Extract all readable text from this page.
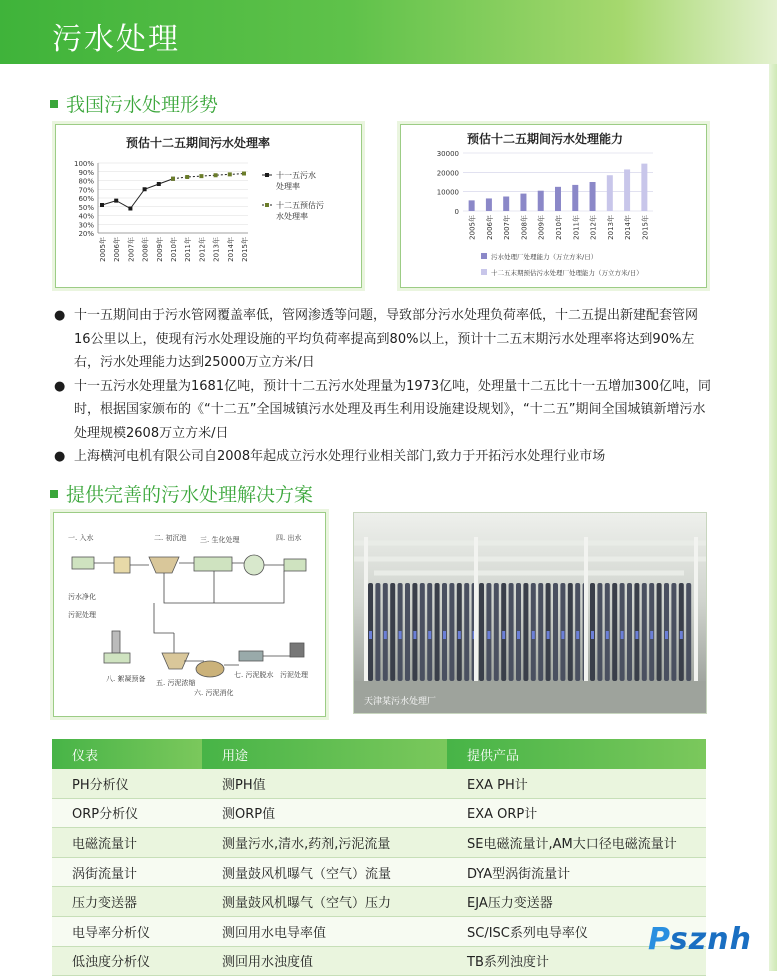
污水处理
我国污水处理形势
预估十二五期间污水处理率
100%
90%
80%
70%
60%
50%
40%
30%
20%
2005年 2006年 2007年 2008年 2009年 2010年 2011年 2012年 2013年 2014年 2015年
十一五污水处理率
十二五预估污水处理率
预估十二五期间污水处理能力
30000
20000
10000
0
2005年 2006年 2007年 2008年 2009年 2010年 2011年 2012年 2013年 2014年 2015年
污水处理厂处理能力（万立方米/日）
十二五末期预估污水处理厂处理能力（万立方米/日）
● 十一五期间由于污水管网覆盖率低，管网渗透等问题，导致部分污水处理负荷率低，十二五提出新建配套管网16公里以上，使现有污水处理设施的平均负荷率提高到80%以上，预计十二五末期污水处理率将达到90%左右，污水处理能力达到25000万立方米/日
● 十一五污水处理量为1681亿吨，预计十二五污水处理量为1973亿吨，处理量十二五比十一五增加300亿吨，同时，根据国家颁布的《“十二五”全国城镇污水处理及再生利用设施建设规划》，“十二五”期间全国城镇新增污水处理规模2608万立方米/日
● 上海横河电机有限公司自2008年起成立污水处理行业相关部门,致力于开拓污水处理行业市场
提供完善的污水处理解决方案
一. 入水	二. 初沉池 三. 生化处理	四. 出水
污水净化
污泥处理
八. 絮凝预备 五. 污泥浓缩
六. 污泥消化
七. 污泥脱水 污泥处理
天津某污水处理厂
仪表	用途	提供产品
PH分析仪	测PH值	EXA PH计
ORP分析仪	测ORP值	EXA ORP计
电磁流量计	测量污水,清水,药剂,污泥流量	SE电磁流量计,AM大口径电磁流量计
涡街流量计	测量鼓风机曝气（空气）流量	DYA型涡街流量计
压力变送器	测量鼓风机曝气（空气）压力	EJA压力变送器
电导率分析仪	测回用水电导率值	SC/ISC系列电导率仪
低浊度分析仪	测回用水浊度值	TB系列浊度计
Psznh
